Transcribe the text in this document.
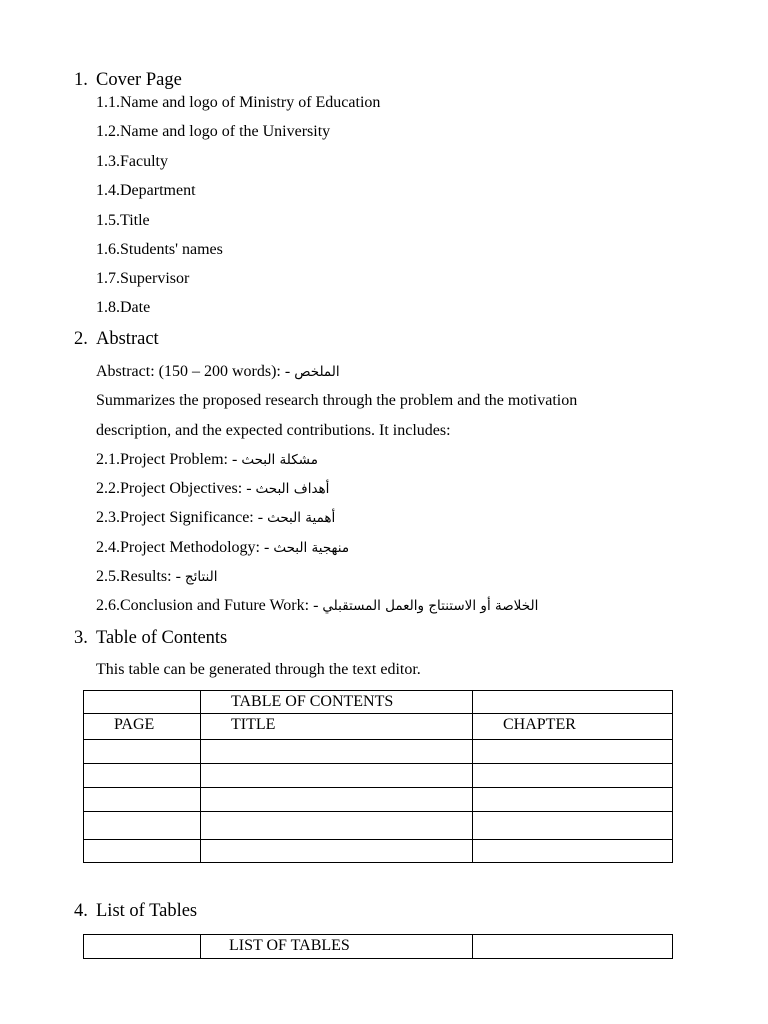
1. Cover Page
1.1.Name and logo of Ministry of Education
1.2.Name and logo of the University
1.3.Faculty
1.4.Department
1.5.Title
1.6.Students' names
1.7.Supervisor
1.8.Date
2. Abstract
Abstract: (150 – 200 words): - الملخص
Summarizes the proposed research through the problem and the motivation
description, and the expected contributions. It includes:
2.1.Project Problem: - مشكلة البحث
2.2.Project Objectives: - أهداف البحث
2.3.Project Significance: - أهمية البحث
2.4.Project Methodology: - منهجية البحث
2.5.Results: - النتائج
2.6.Conclusion and Future Work: - الخلاصة أو الاستنتاج والعمل المستقبلي
3. Table of Contents
This table can be generated through the text editor.
	TABLE OF CONTENTS	
PAGE	TITLE	CHAPTER

4. List of Tables
	LIST OF TABLES	
